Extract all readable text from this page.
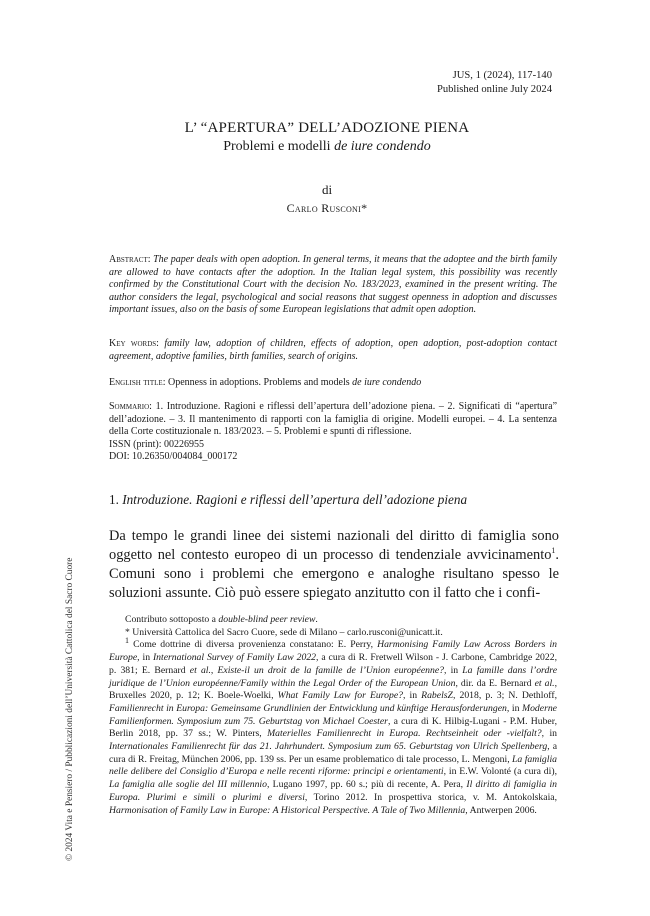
JUS, 1 (2024), 117-140
Published online July 2024
L’ “APERTURA” DELL’ADOZIONE PIENA
Problemi e modelli de iure condendo
di
Carlo Rusconi*
Abstract: The paper deals with open adoption. In general terms, it means that the adoptee and the birth family are allowed to have contacts after the adoption. In the Italian legal system, this possibility was recently confirmed by the Constitutional Court with the decision No. 183/2023, examined in the present writing. The author considers the legal, psychological and social reasons that suggest openness in adoption and discusses important issues, also on the basis of some European legislations that admit open adoption.
Key words: family law, adoption of children, effects of adoption, open adoption, post-adoption contact agreement, adoptive families, birth families, search of origins.
English title: Openness in adoptions. Problems and models de iure condendo
Sommario: 1. Introduzione. Ragioni e riflessi dell’apertura dell’adozione piena. – 2. Significati di “apertura” dell’adozione. – 3. Il mantenimento di rapporti con la famiglia di origine. Modelli europei. – 4. La sentenza della Corte costituzionale n. 183/2023. – 5. Problemi e spunti di riflessione.
ISSN (print): 00226955
DOI: 10.26350/004084_000172
1. Introduzione. Ragioni e riflessi dell’apertura dell’adozione piena
Da tempo le grandi linee dei sistemi nazionali del diritto di famiglia sono oggetto nel contesto europeo di un processo di tendenziale avvicinamento$^1$. Comuni sono i problemi che emergono e analoghe risultano spesso le soluzioni assunte. Ciò può essere spiegato anzitutto con il fatto che i confi-

Contributo sottoposto a double-blind peer review.

* Università Cattolica del Sacro Cuore, sede di Milano – carlo.rusconi@unicatt.it.

$^1$ Come dottrine di diversa provenienza constatano: E. Perry, Harmonising Family Law Across Borders in Europe, in International Survey of Family Law 2022, a cura di R. Fretwell Wilson - J. Carbone, Cambridge 2022, p. 381; E. Bernard et al., Existe-il un droit de la famille de l’Union européenne?, in La famille dans l’ordre juridique de l’Union européenne/Family within the Legal Order of the European Union, dir. da E. Bernard et al., Bruxelles 2020, p. 12; K. Boele-Woelki, What Family Law for Europe?, in RabelsZ, 2018, p. 3; N. Dethloff, Familienrecht in Europa: Gemeinsame Grundlinien der Entwicklung und künftige Herausforderungen, in Moderne Familienformen. Symposium zum 75. Geburtstag von Michael Coester, a cura di K. Hilbig-Lugani - P.M. Huber, Berlin 2018, pp. 37 ss.; W. Pinters, Materielles Familienrecht in Europa. Rechtseinheit oder -vielfalt?, in Internationales Familienrecht für das 21. Jahrhundert. Symposium zum 65. Geburtstag von Ulrich Spellenberg, a cura di R. Freitag, München 2006, pp. 139 ss. Per un esame problematico di tale processo, L. Mengoni, La famiglia nelle delibere del Consiglio d’Europa e nelle recenti riforme: principi e orientamenti, in E.W. Volonté (a cura di), La famiglia alle soglie del III millennio, Lugano 1997, pp. 60 s.; più di recente, A. Pera, Il diritto di famiglia in Europa. Plurimi e simili o plurimi e diversi, Torino 2012. In prospettiva storica, v. M. Antokolskaia, Harmonisation of Family Law in Europe: A Historical Perspective. A Tale of Two Millennia, Antwerpen 2006.

© 2024 Vita e Pensiero / Pubblicazioni dell’Università Cattolica del Sacro Cuore
